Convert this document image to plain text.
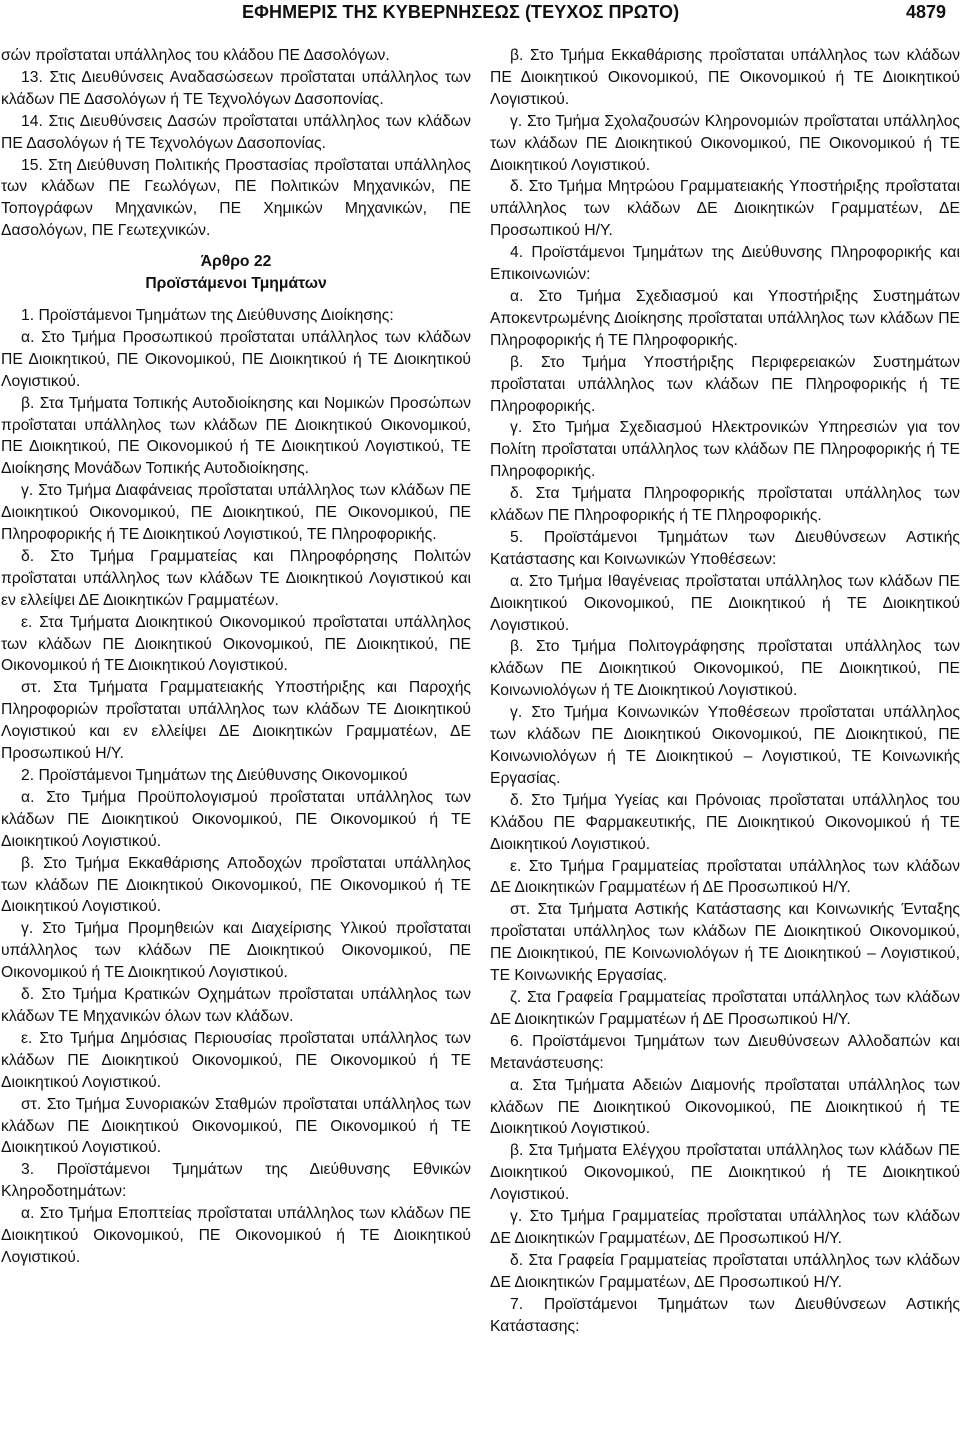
ΕΦΗΜΕΡΙΣ ΤΗΣ ΚΥΒΕΡΝΗΣΕΩΣ (ΤΕΥΧΟΣ ΠΡΩΤΟ)	4879

σών προΐσταται υπάλληλος του κλάδου ΠΕ Δασολόγων.

13. Στις Διευθύνσεις Αναδασώσεων προΐσταται υπάλληλος των κλάδων ΠΕ Δασολόγων ή ΤΕ Τεχνολόγων Δασοπονίας.

14. Στις Διευθύνσεις Δασών προΐσταται υπάλληλος των κλάδων ΠΕ Δασολόγων ή ΤΕ Τεχνολόγων Δασοπονίας.

15. Στη Διεύθυνση Πολιτικής Προστασίας προΐσταται υπάλληλος των κλάδων ΠΕ Γεωλόγων, ΠΕ Πολιτικών Μηχανικών, ΠΕ Τοπογράφων Μηχανικών, ΠΕ Χημικών Μηχανικών, ΠΕ Δασολόγων, ΠΕ Γεωτεχνικών.

Άρθρο 22
Προϊστάμενοι Τμημάτων

1. Προϊστάμενοι Τμημάτων της Διεύθυνσης Διοίκησης:

α. Στο Τμήμα Προσωπικού προΐσταται υπάλληλος των κλάδων ΠΕ Διοικητικού, ΠΕ Οικονομικού, ΠΕ Διοικητικού ή ΤΕ Διοικητικού Λογιστικού.

β. Στα Τμήματα Τοπικής Αυτοδιοίκησης και Νομικών Προσώπων προΐσταται υπάλληλος των κλάδων ΠΕ Διοικητικού Οικονομικού, ΠΕ Διοικητικού, ΠΕ Οικονομικού ή ΤΕ Διοικητικού Λογιστικού, ΤΕ Διοίκησης Μονάδων Τοπικής Αυτοδιοίκησης.

γ. Στο Τμήμα Διαφάνειας προΐσταται υπάλληλος των κλάδων ΠΕ Διοικητικού Οικονομικού, ΠΕ Διοικητικού, ΠΕ Οικονομικού, ΠΕ Πληροφορικής ή ΤΕ Διοικητικού Λογιστικού, ΤΕ Πληροφορικής.

δ. Στο Τμήμα Γραμματείας και Πληροφόρησης Πολιτών προΐσταται υπάλληλος των κλάδων ΤΕ Διοικητικού Λογιστικού και εν ελλείψει ΔΕ Διοικητικών Γραμματέων.

ε. Στα Τμήματα Διοικητικού Οικονομικού προΐσταται υπάλληλος των κλάδων ΠΕ Διοικητικού Οικονομικού, ΠΕ Διοικητικού, ΠΕ Οικονομικού ή ΤΕ Διοικητικού Λογιστικού.

στ. Στα Τμήματα Γραμματειακής Υποστήριξης και Παροχής Πληροφοριών προΐσταται υπάλληλος των κλάδων ΤΕ Διοικητικού Λογιστικού και εν ελλείψει ΔΕ Διοικητικών Γραμματέων, ΔΕ Προσωπικού Η/Υ.

2. Προϊστάμενοι Τμημάτων της Διεύθυνσης Οικονομικού

α. Στο Τμήμα Προϋπολογισμού προΐσταται υπάλληλος των κλάδων ΠΕ Διοικητικού Οικονομικού, ΠΕ Οικονομικού ή ΤΕ Διοικητικού Λογιστικού.

β. Στο Τμήμα Εκκαθάρισης Αποδοχών προΐσταται υπάλληλος των κλάδων ΠΕ Διοικητικού Οικονομικού, ΠΕ Οικονομικού ή ΤΕ Διοικητικού Λογιστικού.

γ. Στο Τμήμα Προμηθειών και Διαχείρισης Υλικού προΐσταται υπάλληλος των κλάδων ΠΕ Διοικητικού Οικονομικού, ΠΕ Οικονομικού ή ΤΕ Διοικητικού Λογιστικού.

δ. Στο Τμήμα Κρατικών Οχημάτων προΐσταται υπάλληλος των κλάδων ΤΕ Μηχανικών όλων των κλάδων.

ε. Στο Τμήμα Δημόσιας Περιουσίας προΐσταται υπάλληλος των κλάδων ΠΕ Διοικητικού Οικονομικού, ΠΕ Οικονομικού ή ΤΕ Διοικητικού Λογιστικού.

στ. Στο Τμήμα Συνοριακών Σταθμών προΐσταται υπάλληλος των κλάδων ΠΕ Διοικητικού Οικονομικού, ΠΕ Οικονομικού ή ΤΕ Διοικητικού Λογιστικού.

3. Προϊστάμενοι Τμημάτων της Διεύθυνσης Εθνικών Κληροδοτημάτων:

α. Στο Τμήμα Εποπτείας προΐσταται υπάλληλος των κλάδων ΠΕ Διοικητικού Οικονομικού, ΠΕ Οικονομικού ή ΤΕ Διοικητικού Λογιστικού.

β. Στο Τμήμα Εκκαθάρισης προΐσταται υπάλληλος των κλάδων ΠΕ Διοικητικού Οικονομικού, ΠΕ Οικονομικού ή ΤΕ Διοικητικού Λογιστικού.

γ. Στο Τμήμα Σχολαζουσών Κληρονομιών προΐσταται υπάλληλος των κλάδων ΠΕ Διοικητικού Οικονομικού, ΠΕ Οικονομικού ή ΤΕ Διοικητικού Λογιστικού.

δ. Στο Τμήμα Μητρώου Γραμματειακής Υποστήριξης προΐσταται υπάλληλος των κλάδων ΔΕ Διοικητικών Γραμματέων, ΔΕ Προσωπικού Η/Υ.

4. Προϊστάμενοι Τμημάτων της Διεύθυνσης Πληροφορικής και Επικοινωνιών:

α. Στο Τμήμα Σχεδιασμού και Υποστήριξης Συστημάτων Αποκεντρωμένης Διοίκησης προΐσταται υπάλληλος των κλάδων ΠΕ Πληροφορικής ή ΤΕ Πληροφορικής.

β. Στο Τμήμα Υποστήριξης Περιφερειακών Συστημάτων προΐσταται υπάλληλος των κλάδων ΠΕ Πληροφορικής ή ΤΕ Πληροφορικής.

γ. Στο Τμήμα Σχεδιασμού Ηλεκτρονικών Υπηρεσιών για τον Πολίτη προΐσταται υπάλληλος των κλάδων ΠΕ Πληροφορικής ή ΤΕ Πληροφορικής.

δ. Στα Τμήματα Πληροφορικής προΐσταται υπάλληλος των κλάδων ΠΕ Πληροφορικής ή ΤΕ Πληροφορικής.

5. Προϊστάμενοι Τμημάτων των Διευθύνσεων Αστικής Κατάστασης και Κοινωνικών Υποθέσεων:

α. Στο Τμήμα Ιθαγένειας προΐσταται υπάλληλος των κλάδων ΠΕ Διοικητικού Οικονομικού, ΠΕ Διοικητικού ή ΤΕ Διοικητικού Λογιστικού.

β. Στο Τμήμα Πολιτογράφησης προΐσταται υπάλληλος των κλάδων ΠΕ Διοικητικού Οικονομικού, ΠΕ Διοικητικού, ΠΕ Κοινωνιολόγων ή ΤΕ Διοικητικού Λογιστικού.

γ. Στο Τμήμα Κοινωνικών Υποθέσεων προΐσταται υπάλληλος των κλάδων ΠΕ Διοικητικού Οικονομικού, ΠΕ Διοικητικού, ΠΕ Κοινωνιολόγων ή ΤΕ Διοικητικού – Λογιστικού, ΤΕ Κοινωνικής Εργασίας.

δ. Στο Τμήμα Υγείας και Πρόνοιας προΐσταται υπάλληλος του Κλάδου ΠΕ Φαρμακευτικής, ΠΕ Διοικητικού Οικονομικού ή ΤΕ Διοικητικού Λογιστικού.

ε. Στο Τμήμα Γραμματείας προΐσταται υπάλληλος των κλάδων ΔΕ Διοικητικών Γραμματέων ή ΔΕ Προσωπικού Η/Υ.

στ. Στα Τμήματα Αστικής Κατάστασης και Κοινωνικής Ένταξης προΐσταται υπάλληλος των κλάδων ΠΕ Διοικητικού Οικονομικού, ΠΕ Διοικητικού, ΠΕ Κοινωνιολόγων ή ΤΕ Διοικητικού – Λογιστικού, ΤΕ Κοινωνικής Εργασίας.

ζ. Στα Γραφεία Γραμματείας προΐσταται υπάλληλος των κλάδων ΔΕ Διοικητικών Γραμματέων ή ΔΕ Προσωπικού Η/Υ.

6. Προϊστάμενοι Τμημάτων των Διευθύνσεων Αλλοδαπών και Μετανάστευσης:

α. Στα Τμήματα Αδειών Διαμονής προΐσταται υπάλληλος των κλάδων ΠΕ Διοικητικού Οικονομικού, ΠΕ Διοικητικού ή ΤΕ Διοικητικού Λογιστικού.

β. Στα Τμήματα Ελέγχου προΐσταται υπάλληλος των κλάδων ΠΕ Διοικητικού Οικονομικού, ΠΕ Διοικητικού ή ΤΕ Διοικητικού Λογιστικού.

γ. Στο Τμήμα Γραμματείας προΐσταται υπάλληλος των κλάδων ΔΕ Διοικητικών Γραμματέων, ΔΕ Προσωπικού Η/Υ.

δ. Στα Γραφεία Γραμματείας προΐσταται υπάλληλος των κλάδων ΔΕ Διοικητικών Γραμματέων, ΔΕ Προσωπικού Η/Υ.

7. Προϊστάμενοι Τμημάτων των Διευθύνσεων Αστικής Κατάστασης:
